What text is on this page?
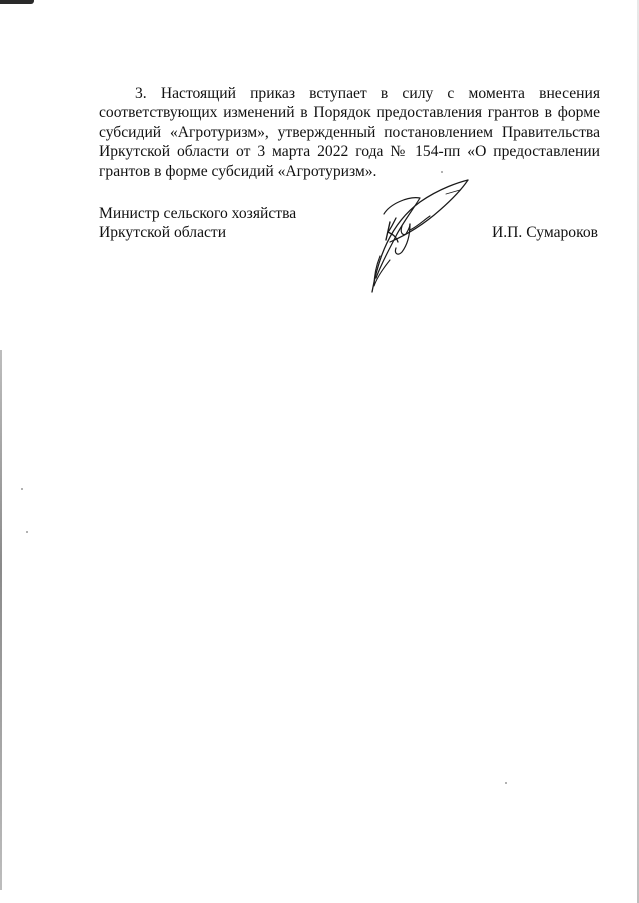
3. Настоящий приказ вступает в силу с момента внесения соответствующих изменений в Порядок предоставления грантов в форме субсидий «Агротуризм», утвержденный постановлением Правительства Иркутской области от 3 марта 2022 года № 154-пп «О предоставлении грантов в форме субсидий «Агротуризм».

Министр сельского хозяйства
Иркутской области	И.П. Сумароков
